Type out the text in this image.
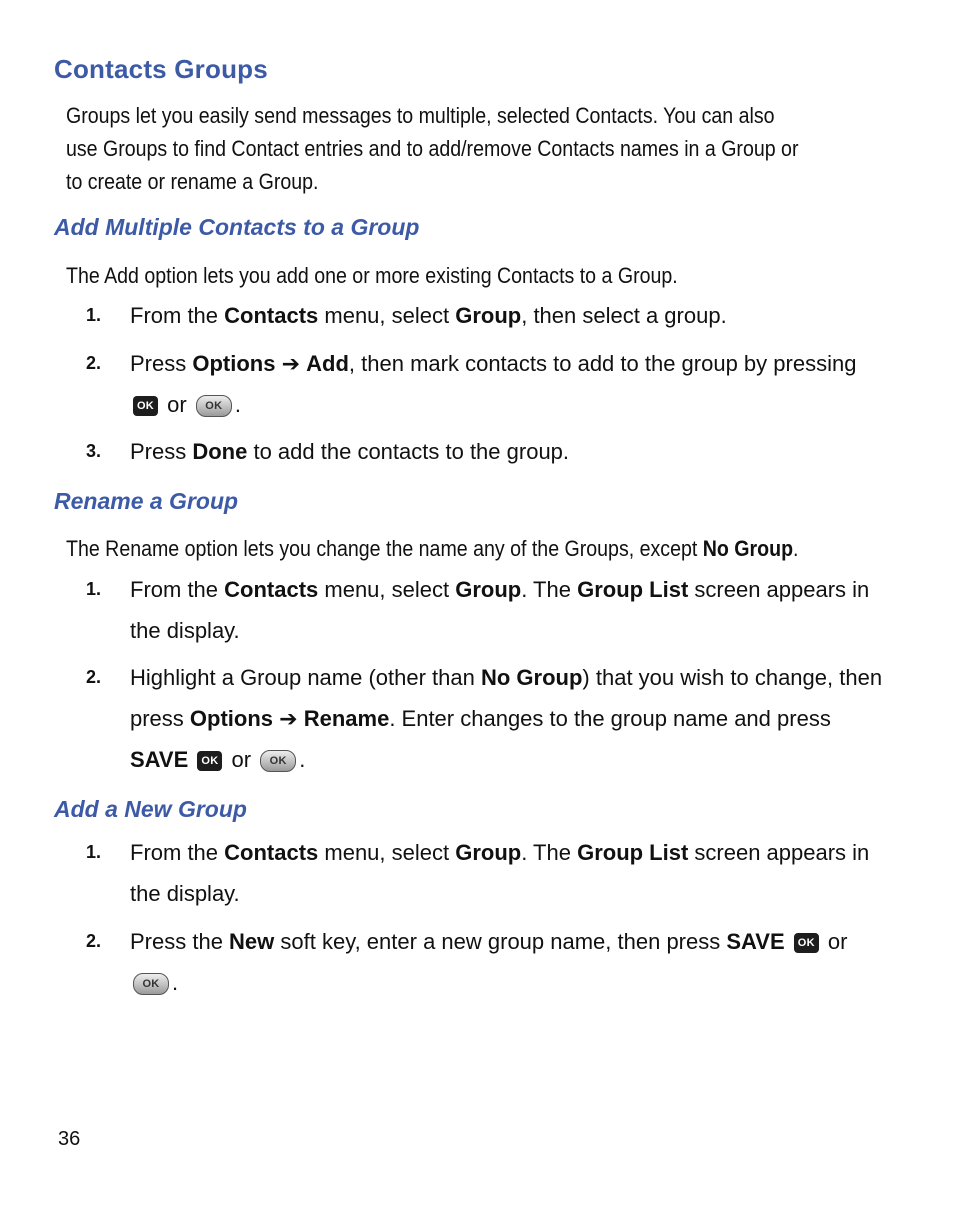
Contacts Groups

Groups let you easily send messages to multiple, selected Contacts. You can also use Groups to find Contact entries and to add/remove Contacts names in a Group or to create or rename a Group.

Add Multiple Contacts to a Group

The Add option lets you add one or more existing Contacts to a Group.

1. From the Contacts menu, select Group, then select a group.
2. Press Options ➔ Add, then mark contacts to add to the group by pressing
OK or OK .
3. Press Done to add the contacts to the group.
Rename a Group

The Rename option lets you change the name any of the Groups, except No Group.

1. From the Contacts menu, select Group. The Group List screen appears in the display.
2. Highlight a Group name (other than No Group) that you wish to change, then press Options ➔ Rename. Enter changes to the group name and press SAVE OK or OK .
Add a New Group
1. From the Contacts menu, select Group. The Group List screen appears in the display.
2. Press the New soft key, enter a new group name, then press SAVE OK or
OK .
36
